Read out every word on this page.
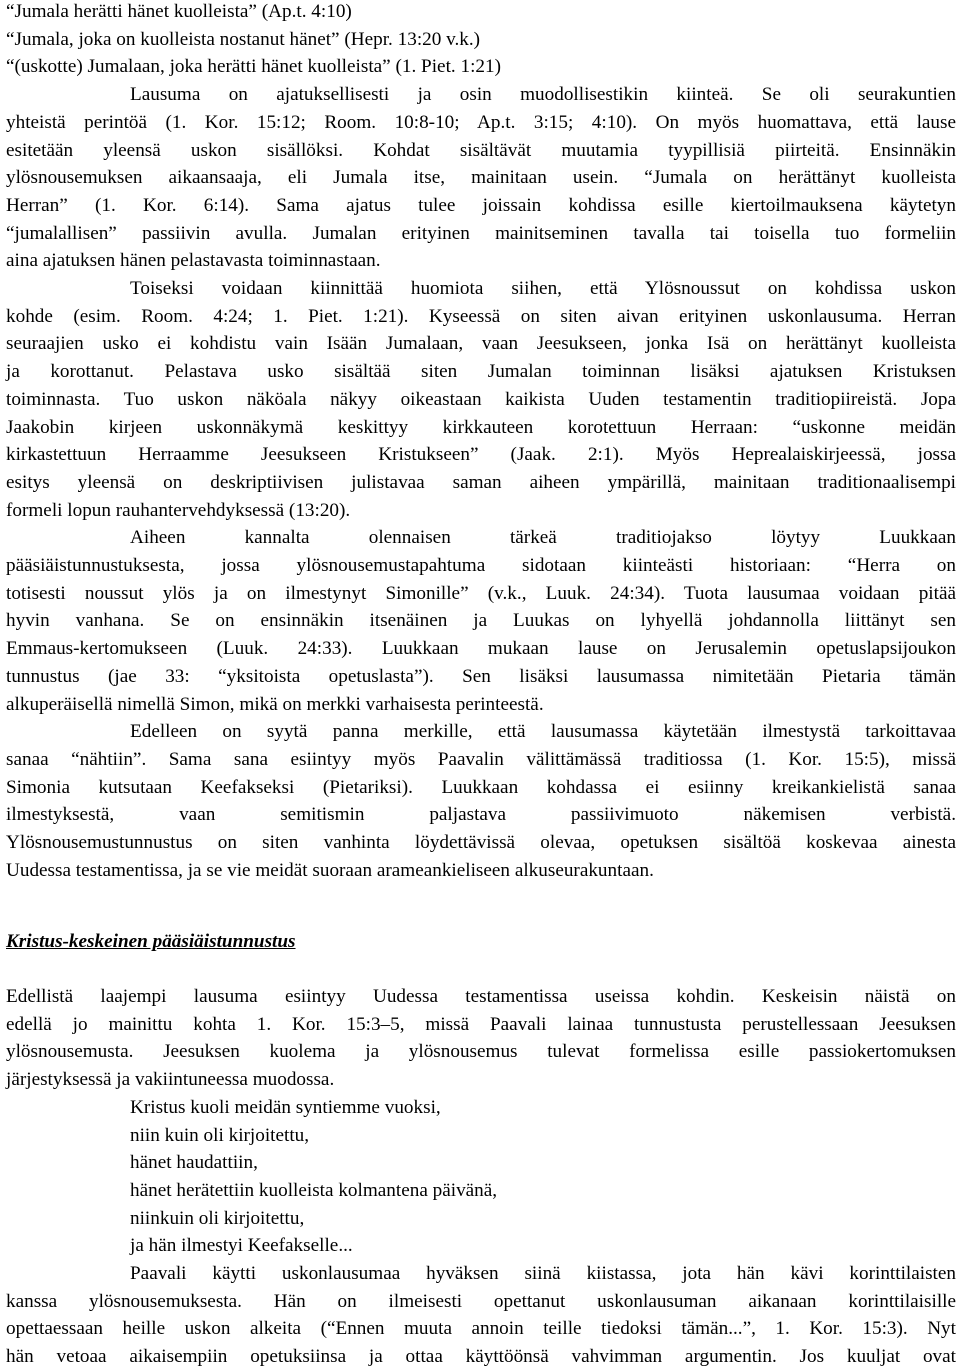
“Jumala herätti hänet kuolleista” (Ap.t. 4:10)
“Jumala, joka on kuolleista nostanut hänet” (Hepr. 13:20 v.k.)
“(uskotte) Jumalaan, joka herätti hänet kuolleista” (1. Piet. 1:21)
Lausuma on ajatuksellisesti ja osin muodollisestikin kiinteä. Se oli seurakuntien
yhteistä perintöä (1. Kor. 15:12; Room. 10:8-10; Ap.t. 3:15; 4:10). On myös huomattava, että lause
esitetään yleensä uskon sisällöksi. Kohdat sisältävät muutamia tyypillisiä piirteitä. Ensinnäkin
ylösnousemuksen aikaansaaja, eli Jumala itse, mainitaan usein. “Jumala on herättänyt kuolleista
Herran” (1. Kor. 6:14). Sama ajatus tulee joissain kohdissa esille kiertoilmauksena käytetyn
“jumalallisen” passiivin avulla. Jumalan erityinen mainitseminen tavalla tai toisella tuo formeliin
aina ajatuksen hänen pelastavasta toiminnastaan.
Toiseksi voidaan kiinnittää huomiota siihen, että Ylösnoussut on kohdissa uskon
kohde (esim. Room. 4:24; 1. Piet. 1:21). Kyseessä on siten aivan erityinen uskonlausuma. Herran
seuraajien usko ei kohdistu vain Isään Jumalaan, vaan Jeesukseen, jonka Isä on herättänyt kuolleista
ja korottanut. Pelastava usko sisältää siten Jumalan toiminnan lisäksi ajatuksen Kristuksen
toiminnasta. Tuo uskon näköala näkyy oikeastaan kaikista Uuden testamentin traditiopiireistä. Jopa
Jaakobin kirjeen uskonnäkymä keskittyy kirkkauteen korotettuun Herraan: “uskonne meidän
kirkastettuun Herraamme Jeesukseen Kristukseen” (Jaak. 2:1). Myös Heprealaiskirjeessä, jossa
esitys yleensä on deskriptiivisen julistavaa saman aiheen ympärillä, mainitaan traditionaalisempi
formeli lopun rauhantervehdyksessä (13:20).
Aiheen kannalta olennaisen tärkeä traditiojakso löytyy Luukkaan
pääsiäistunnustuksesta, jossa ylösnousemustapahtuma sidotaan kiinteästi historiaan: “Herra on
totisesti noussut ylös ja on ilmestynyt Simonille” (v.k., Luuk. 24:34). Tuota lausumaa voidaan pitää
hyvin vanhana. Se on ensinnäkin itsenäinen ja Luukas on lyhyellä johdannolla liittänyt sen
Emmaus-kertomukseen (Luuk. 24:33). Luukkaan mukaan lause on Jerusalemin opetuslapsijoukon
tunnustus (jae 33: “yksitoista opetuslasta”). Sen lisäksi lausumassa nimitetään Pietaria tämän
alkuperäisellä nimellä Simon, mikä on merkki varhaisesta perinteestä.
Edelleen on syytä panna merkille, että lausumassa käytetään ilmestystä tarkoittavaa
sanaa “nähtiin”. Sama sana esiintyy myös Paavalin välittämässä traditiossa (1. Kor. 15:5), missä
Simonia kutsutaan Keefakseksi (Pietariksi). Luukkaan kohdassa ei esiinny kreikankielistä sanaa
ilmestyksestä, vaan semitismin paljastava passiivimuoto näkemisen verbistä.
Ylösnousemustunnustus on siten vanhinta löydettävissä olevaa, opetuksen sisältöä koskevaa ainesta
Uudessa testamentissa, ja se vie meidät suoraan arameankieliseen alkuseurakuntaan.
Kristus-keskeinen pääsiäistunnustus
Edellistä laajempi lausuma esiintyy Uudessa testamentissa useissa kohdin. Keskeisin näistä on
edellä jo mainittu kohta 1. Kor. 15:3–5, missä Paavali lainaa tunnustusta perustellessaan Jeesuksen
ylösnousemusta. Jeesuksen kuolema ja ylösnousemus tulevat formelissa esille passiokertomuksen
järjestyksessä ja vakiintuneessa muodossa.
Kristus kuoli meidän syntiemme vuoksi,
niin kuin oli kirjoitettu,
hänet haudattiin,
hänet herätettiin kuolleista kolmantena päivänä,
niinkuin oli kirjoitettu,
ja hän ilmestyi Keefakselle...
Paavali käytti uskonlausumaa hyväksen siinä kiistassa, jota hän kävi korinttilaisten
kanssa ylösnousemuksesta. Hän on ilmeisesti opettanut uskonlausuman aikanaan korinttilaisille
opettaessaan heille uskon alkeita (“Ennen muuta annoin teille tiedoksi tämän...”, 1. Kor. 15:3). Nyt
hän vetoaa aikaisempiin opetuksiinsa ja ottaa käyttöönsä vahvimman argumentin. Jos kuuljat ovat
